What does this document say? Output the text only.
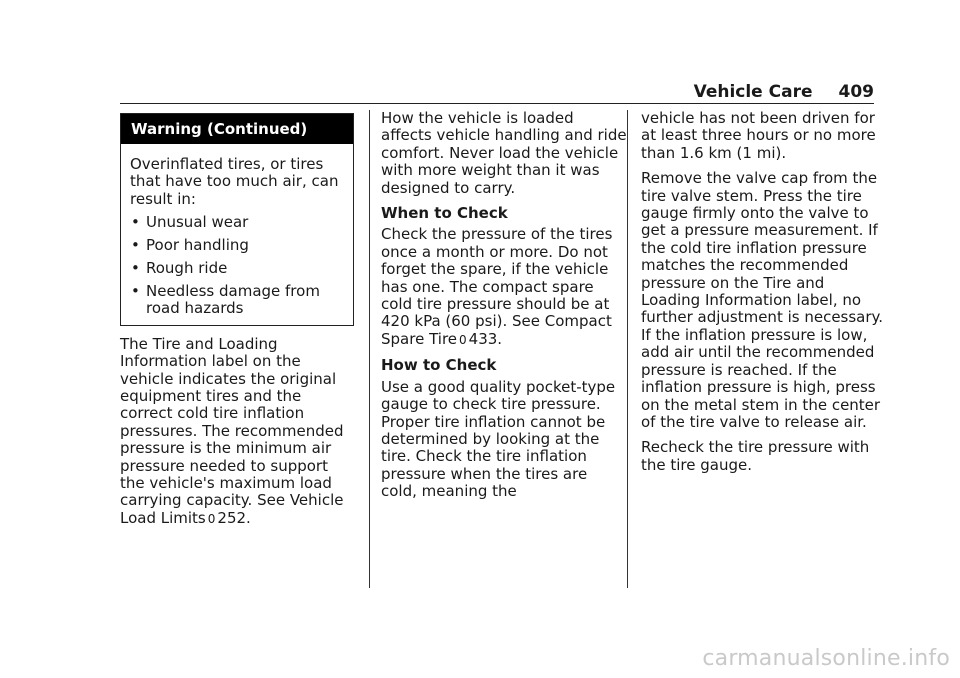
Vehicle Care 409
Warning (Continued)

Overinflated tires, or tires that have too much air, can result in:

• Unusual wear
• Poor handling
• Rough ride
• Needless damage from road hazards

The Tire and Loading Information label on the vehicle indicates the original equipment tires and the correct cold tire inflation pressures. The recommended pressure is the minimum air pressure needed to support the vehicle's maximum load carrying capacity. See Vehicle Load Limits 0 252.

How the vehicle is loaded affects vehicle handling and ride comfort. Never load the vehicle with more weight than it was designed to carry.

When to Check

Check the pressure of the tires once a month or more. Do not forget the spare, if the vehicle has one. The compact spare cold tire pressure should be at 420 kPa (60 psi). See Compact Spare Tire 0 433.

How to Check

Use a good quality pocket-type gauge to check tire pressure. Proper tire inflation cannot be determined by looking at the tire. Check the tire inflation pressure when the tires are cold, meaning the

vehicle has not been driven for at least three hours or no more than 1.6 km (1 mi).

Remove the valve cap from the tire valve stem. Press the tire gauge firmly onto the valve to get a pressure measurement. If the cold tire inflation pressure matches the recommended pressure on the Tire and Loading Information label, no further adjustment is necessary. If the inflation pressure is low, add air until the recommended pressure is reached. If the inflation pressure is high, press on the metal stem in the center of the tire valve to release air.

Recheck the tire pressure with the tire gauge.

carmanualsonline.info
